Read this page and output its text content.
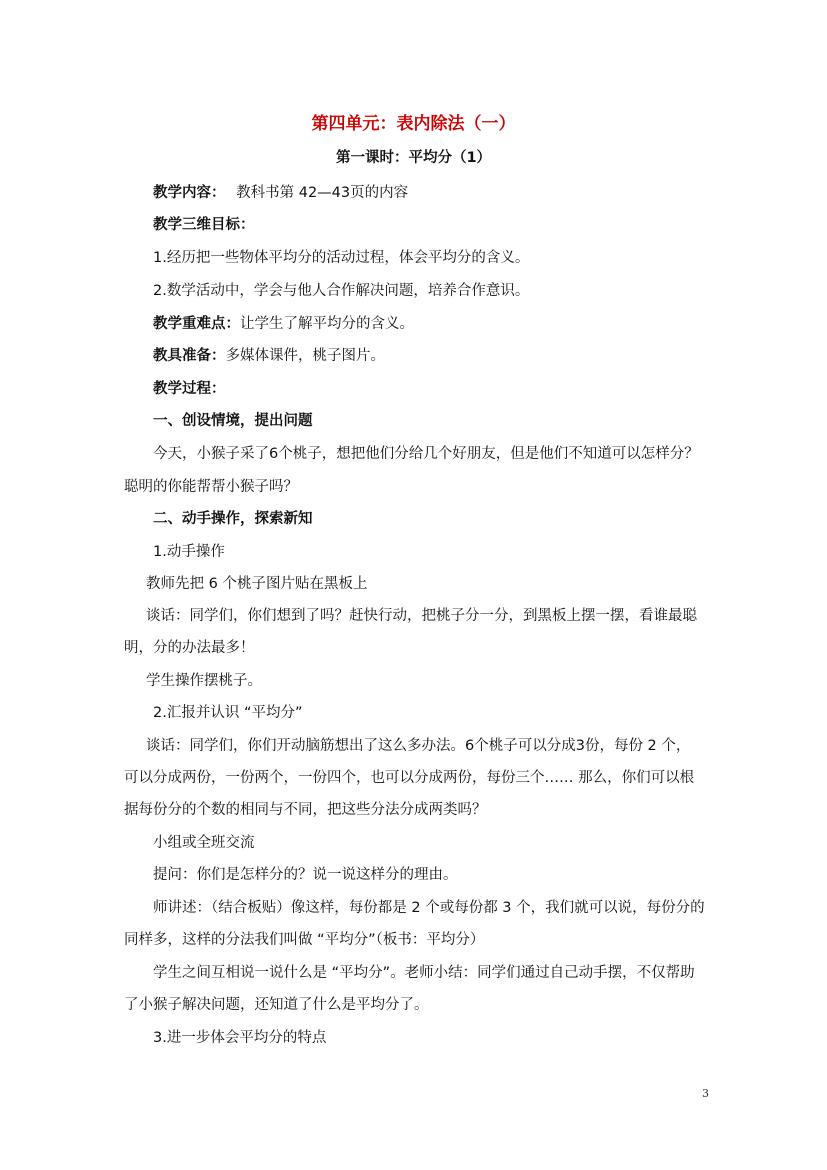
第四单元：表内除法（一）
第一课时：平均分（1）
教学内容： 教科书第 42—43页的内容
教学三维目标：
1.经历把一些物体平均分的活动过程，体会平均分的含义。
2.数学活动中，学会与他人合作解决问题，培养合作意识。
教学重难点：让学生了解平均分的含义。
教具准备：多媒体课件，桃子图片。
教学过程：
一、创设情境，提出问题
今天，小猴子采了6个桃子，想把他们分给几个好朋友，但是他们不知道可以怎样分？
聪明的你能帮帮小猴子吗？
二、动手操作，探索新知
1.动手操作
教师先把 6 个桃子图片贴在黑板上
谈话：同学们，你们想到了吗？赶快行动，把桃子分一分，到黑板上摆一摆，看谁最聪
明，分的办法最多！
学生操作摆桃子。
2.汇报并认识 “平均分”
谈话：同学们，你们开动脑筋想出了这么多办法。6个桃子可以分成3份，每份 2 个，
可以分成两份，一份两个，一份四个，也可以分成两份，每份三个…… 那么，你们可以根
据每份分的个数的相同与不同，把这些分法分成两类吗？
小组或全班交流
提问：你们是怎样分的？说一说这样分的理由。
师讲述：（结合板贴）像这样，每份都是 2 个或每份都 3 个，我们就可以说，每份分的
同样多，这样的分法我们叫做 “平均分”（板书：平均分）
学生之间互相说一说什么是 “平均分”。老师小结：同学们通过自己动手摆，不仅帮助
了小猴子解决问题，还知道了什么是平均分了。
3.进一步体会平均分的特点
3
